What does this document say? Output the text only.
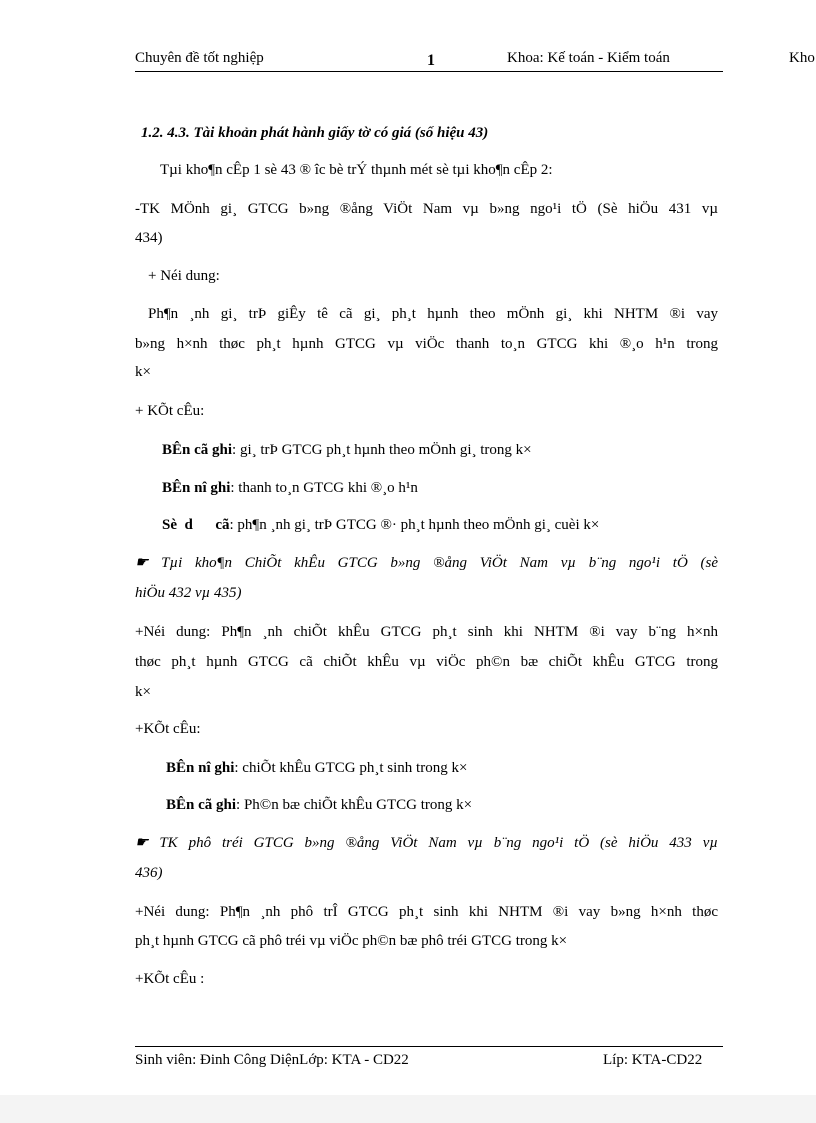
Chuyên đề tốt nghiệp	1	Khoa: Kế toán - Kiểm toán	Kho
1.2. 4.3. Tài khoản phát hành giấy tờ có giá (số hiệu 43)
Tµi kho¶n cÊp 1 sè 43 ® îc bè trÝ thµnh mét sè tµi kho¶n cÊp 2:
-TK MÖnh gi¸ GTCG b»ng ®ång ViÖt Nam vµ b»ng ngo¹i tÖ (Sè hiÖu 431 vµ
434)
+ Néi dung:
Ph¶n ¸nh gi¸ trÞ giÊy tê cã gi¸ ph¸t hµnh theo mÖnh gi¸ khi NHTM ®i vay
b»ng h×nh thøc ph¸t hµnh GTCG vµ viÖc thanh to¸n GTCG khi ®¸o h¹n trong
k×
+ KÕt cÊu:
BÊn cã ghi: gi¸ trÞ GTCG ph¸t hµnh theo mÖnh gi¸ trong k×
BÊn nî ghi: thanh to¸n GTCG khi ®¸o h¹n
Sè  d      cã: ph¶n ¸nh gi¸ trÞ GTCG ®· ph¸t hµnh theo mÖnh gi¸ cuèi k×
☛ Tµi kho¶n ChiÕt khÊu GTCG b»ng ®ång ViÖt Nam vµ b¨ng ngo¹i tÖ (sè
hiÖu 432 vµ 435)
+Néi dung: Ph¶n ¸nh chiÕt khÊu GTCG ph¸t sinh khi NHTM ®i vay b¨ng h×nh
thøc ph¸t hµnh GTCG cã chiÕt khÊu vµ viÖc ph©n bæ chiÕt khÊu GTCG trong
k×
+KÕt cÊu:
BÊn nî ghi: chiÕt khÊu GTCG ph¸t sinh trong k×
BÊn cã ghi: Ph©n bæ chiÕt khÊu GTCG trong k×
☛ TK phô tréi GTCG b»ng ®ång ViÖt Nam vµ b¨ng ngo¹i tÖ (sè hiÖu 433 vµ
436)
+Néi dung: Ph¶n ¸nh phô trÎ GTCG ph¸t sinh khi NHTM ®i vay b»ng h×nh thøc
ph¸t hµnh GTCG cã phô tréi vµ viÖc ph©n bæ phô tréi GTCG trong k×
+KÕt cÊu :
Sinh viên: Đinh Công DiệnLớp: KTA - CD22	Líp: KTA-CD22
